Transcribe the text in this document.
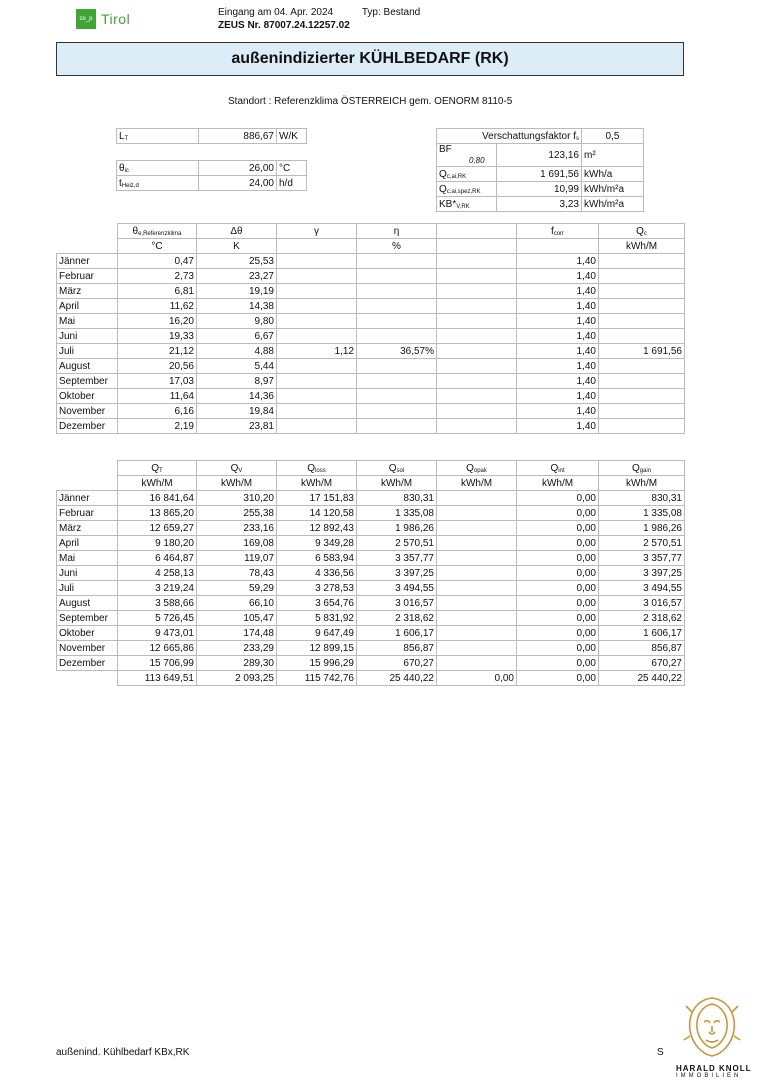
ze_p Tirol	Eingang am 04. Apr. 2024	Typ: Bestand
ZEUS Nr. 87007.24.12257.02
außenindizierter KÜHLBEDARF (RK)
Standort : Referenzklima ÖSTERREICH gem. OENORM 8110-5
$L_T$	886,67	W/K
$\theta_{ic}$	26,00	°C
$t_{Heiz,d}$	24,00	h/d
Verschattungsfaktor $f_s$		0,5
BF 0,80	123,16	m²
$Q_{c,ai,RK}$	1 691,56	kWh/a
$Q_{c,ai,spez,RK}$	10,99	kWh/m²a
$KB*_{V,RK}$	3,23	kWh/m²a
	$\theta_{e,Referenzklima}$	Δθ	γ	η		$f_{corr}$	$Q_c$
	°C	K		%			kWh/M
Jänner	0,47	25,53				1,40	
Februar	2,73	23,27				1,40	
März	6,81	19,19				1,40	
April	11,62	14,38				1,40	
Mai	16,20	9,80				1,40	
Juni	19,33	6,67				1,40	
Juli	21,12	4,88	1,12	36,57%		1,40	1 691,56
August	20,56	5,44				1,40	
September	17,03	8,97				1,40	
Oktober	11,64	14,36				1,40	
November	6,16	19,84				1,40	
Dezember	2,19	23,81				1,40	
	$Q_T$	$Q_V$	$Q_{loss}$	$Q_{sol}$	$Q_{opak}$	$Q_{int}$	$Q_{gain}$
	kWh/M	kWh/M	kWh/M	kWh/M	kWh/M	kWh/M	kWh/M
Jänner	16 841,64	310,20	17 151,83	830,31		0,00	830,31
Februar	13 865,20	255,38	14 120,58	1 335,08		0,00	1 335,08
März	12 659,27	233,16	12 892,43	1 986,26		0,00	1 986,26
April	9 180,20	169,08	9 349,28	2 570,51		0,00	2 570,51
Mai	6 464,87	119,07	6 583,94	3 357,77		0,00	3 357,77
Juni	4 258,13	78,43	4 336,56	3 397,25		0,00	3 397,25
Juli	3 219,24	59,29	3 278,53	3 494,55		0,00	3 494,55
August	3 588,66	66,10	3 654,76	3 016,57		0,00	3 016,57
September	5 726,45	105,47	5 831,92	2 318,62		0,00	2 318,62
Oktober	9 473,01	174,48	9 647,49	1 606,17		0,00	1 606,17
November	12 665,86	233,29	12 899,15	856,87		0,00	856,87
Dezember	15 706,99	289,30	15 996,29	670,27		0,00	670,27
	113 649,51	2 093,25	115 742,76	25 440,22	0,00	0,00	25 440,22
außenind. Kühlbedarf KBx,RK	S
HARALD KNOLL
IMMOBILIEN
